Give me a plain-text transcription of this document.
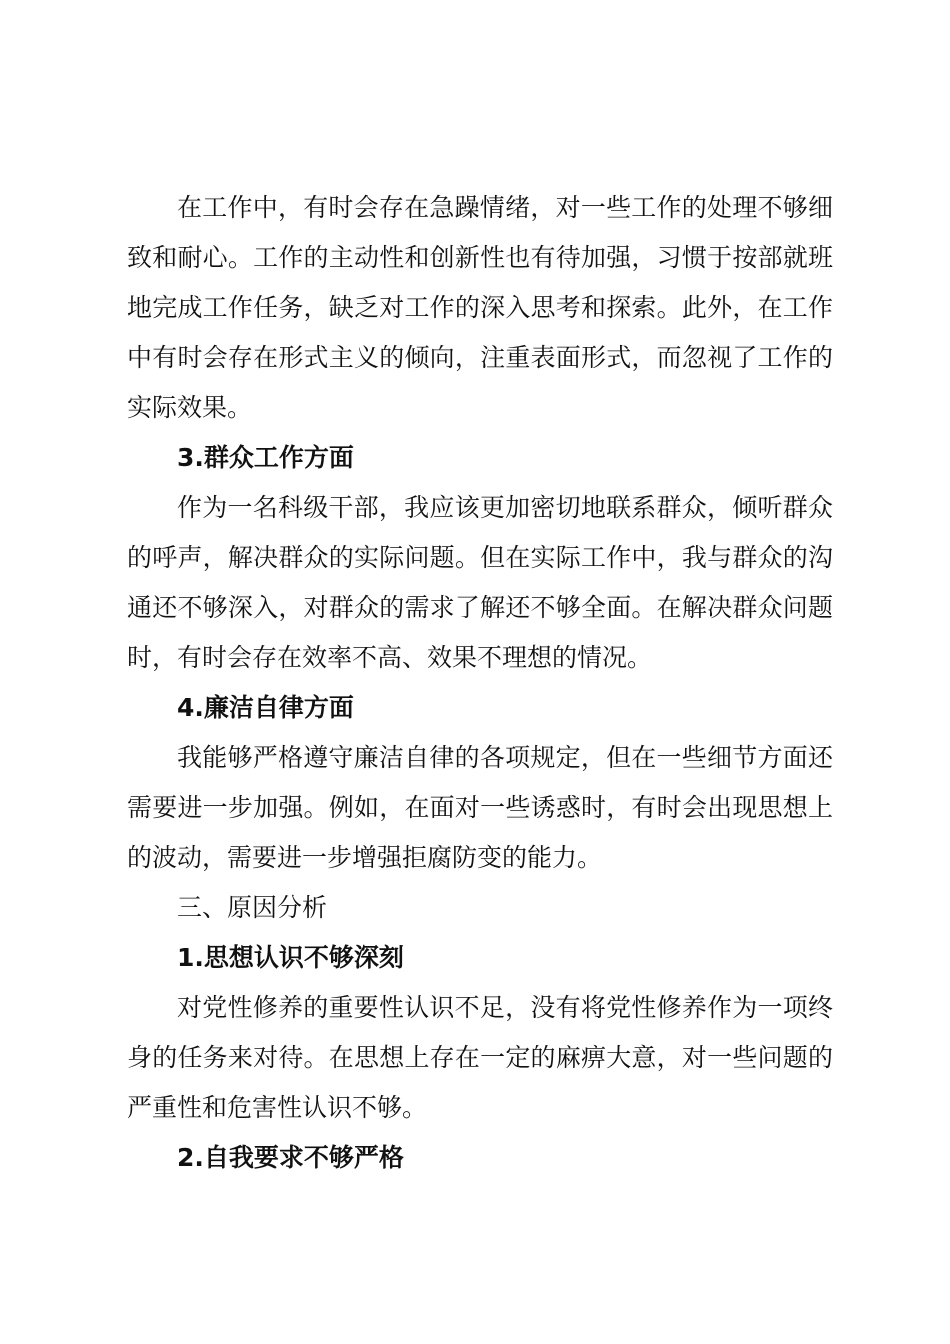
在工作中，有时会存在急躁情绪，对一些工作的处理不够细致和耐心。工作的主动性和创新性也有待加强，习惯于按部就班地完成工作任务，缺乏对工作的深入思考和探索。此外，在工作中有时会存在形式主义的倾向，注重表面形式，而忽视了工作的实际效果。

3.群众工作方面

作为一名科级干部，我应该更加密切地联系群众，倾听群众的呼声，解决群众的实际问题。但在实际工作中，我与群众的沟通还不够深入，对群众的需求了解还不够全面。在解决群众问题时，有时会存在效率不高、效果不理想的情况。

4.廉洁自律方面

我能够严格遵守廉洁自律的各项规定，但在一些细节方面还需要进一步加强。例如，在面对一些诱惑时，有时会出现思想上的波动，需要进一步增强拒腐防变的能力。

三、原因分析

1.思想认识不够深刻

对党性修养的重要性认识不足，没有将党性修养作为一项终身的任务来对待。在思想上存在一定的麻痹大意，对一些问题的严重性和危害性认识不够。

2.自我要求不够严格
